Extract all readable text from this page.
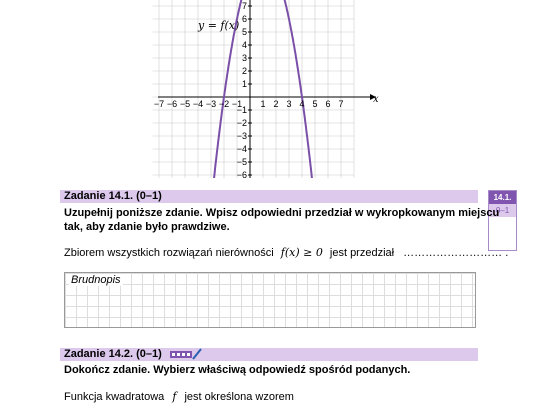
y = f(x)
x
−7 −6 −5 −4 −3 −2 −1 1 2 3 4 5 6 7
7
6
5
4
3
2
1
−1
−2
−3
−4
−5
−6
Zadanie 14.1. (0–1)	14.1.
0–1
Uzupełnij poniższe zdanie. Wpisz odpowiedni przedział w wykropkowanym miejscu
tak, aby zdanie było prawdziwe.
Zbiorem wszystkich rozwiązań nierówności f(x) ≥ 0 jest przedział ……………………… .
Brudnopis
Zadanie 14.2. (0–1)
Dokończ zdanie. Wybierz właściwą odpowiedź spośród podanych.
Funkcja kwadratowa f jest określona wzorem
